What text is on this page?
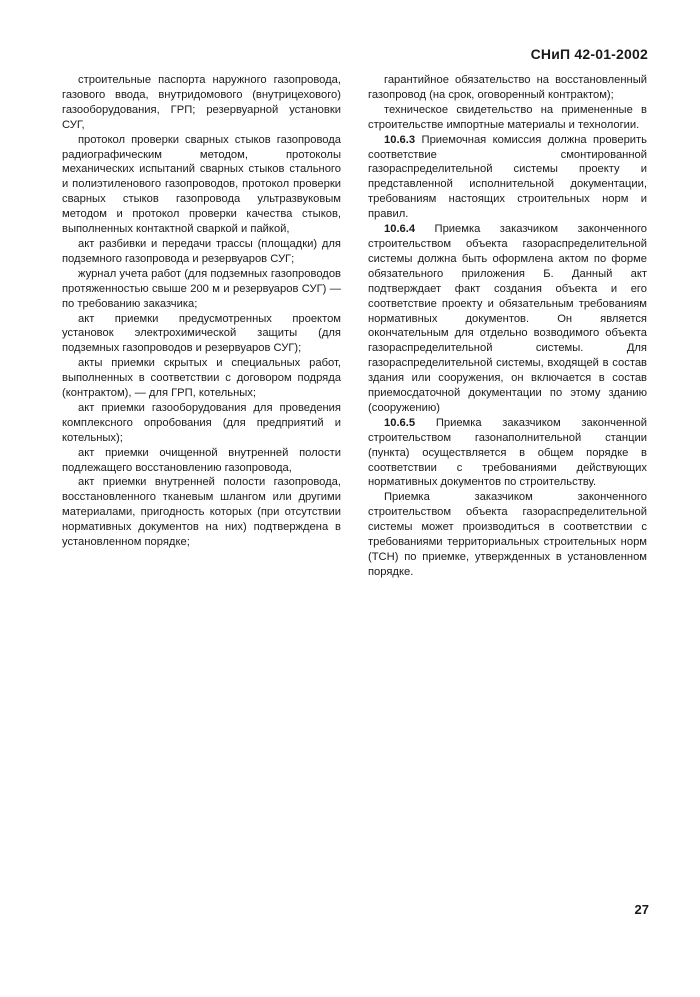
СНиП 42-01-2002

строительные паспорта наружного газопровода, газового ввода, внутридомового (внутрицехового) газооборудования, ГРП; резервуарной установки СУГ,

протокол проверки сварных стыков газопровода радиографическим методом, протоколы механических испытаний сварных стыков стального и полиэтиленового газопроводов, протокол проверки сварных стыков газопровода ультразвуковым методом и протокол проверки качества стыков, выполненных контактной сваркой и пайкой,

акт разбивки и передачи трассы (площадки) для подземного газопровода и резервуаров СУГ;

журнал учета работ (для подземных газопроводов протяженностью свыше 200 м и резервуаров СУГ) — по требованию заказчика;

акт приемки предусмотренных проектом установок электрохимической защиты (для подземных газопроводов и резервуаров СУГ);

акты приемки скрытых и специальных работ, выполненных в соответствии с договором подряда (контрактом), — для ГРП, котельных;

акт приемки газооборудования для проведения комплексного опробования (для предприятий и котельных);

акт приемки очищенной внутренней полости подлежащего восстановлению газопровода,

акт приемки внутренней полости газопровода, восстановленного тканевым шлангом или другими материалами, пригодность которых (при отсутствии нормативных документов на них) подтверждена в установленном порядке;

гарантийное обязательство на восстановленный газопровод (на срок, оговоренный контрактом);

техническое свидетельство на примененные в строительстве импортные материалы и технологии.

10.6.3 Приемочная комиссия должна проверить соответствие смонтированной газораспределительной системы проекту и представленной исполнительной документации, требованиям настоящих строительных норм и правил.

10.6.4 Приемка заказчиком законченного строительством объекта газораспределительной системы должна быть оформлена актом по форме обязательного приложения Б. Данный акт подтверждает факт создания объекта и его соответствие проекту и обязательным требованиям нормативных документов. Он является окончательным для отдельно возводимого объекта газораспределительной системы. Для газораспределительной системы, входящей в состав здания или сооружения, он включается в состав приемосдаточной документации по этому зданию (сооружению)

10.6.5 Приемка заказчиком законченной строительством газонаполнительной станции (пункта) осуществляется в общем порядке в соответствии с требованиями действующих нормативных документов по строительству.

Приемка заказчиком законченного строительством объекта газораспределительной системы может производиться в соответствии с требованиями территориальных строительных норм (ТСН) по приемке, утвержденных в установленном порядке.

27
